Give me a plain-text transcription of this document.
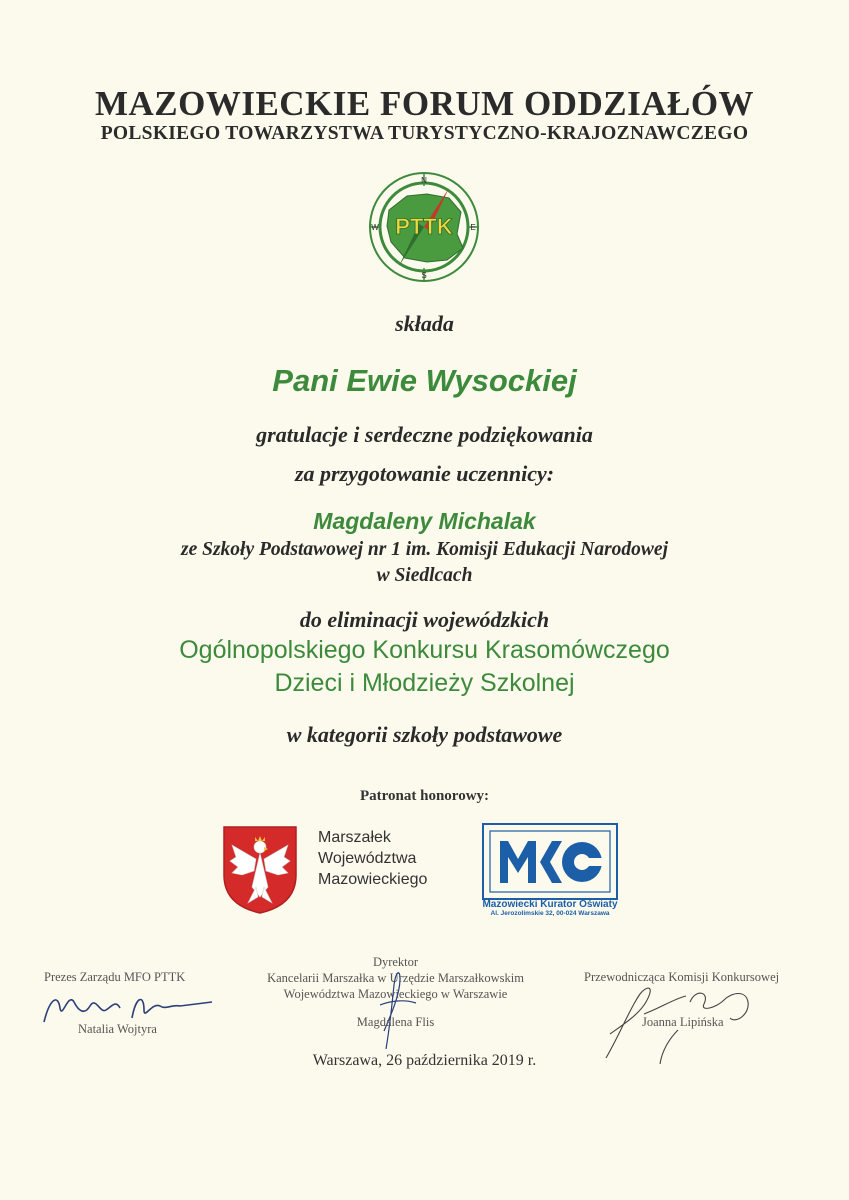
MAZOWIECKIE FORUM ODDZIAŁÓW
POLSKIEGO TOWARZYSTWA TURYSTYCZNO-KRAJOZNAWCZEGO
PTTK
N
S
W	E
składa
Pani Ewie Wysockiej
gratulacje i serdeczne podziękowania
za przygotowanie uczennicy:
Magdaleny Michalak
ze Szkoły Podstawowej nr 1 im. Komisji Edukacji Narodowej
w Siedlcach
do eliminacji wojewódzkich
Ogólnopolskiego Konkursu Krasomówczego
Dzieci i Młodzieży Szkolnej
w kategorii szkoły podstawowe
Patronat honorowy:
Marszałek
Województwa
Mazowieckiego
Mazowiecki Kurator Oświaty
Al. Jerozolimskie 32, 00-024 Warszawa
Prezes Zarządu MFO PTTK
Natalia Wojtyra
Dyrektor
Kancelarii Marszałka w Urzędzie Marszałkowskim
Województwa Mazowieckiego w Warszawie
Magdalena Flis
Przewodnicząca Komisji Konkursowej
Joanna Lipińska
Warszawa, 26 października 2019 r.
